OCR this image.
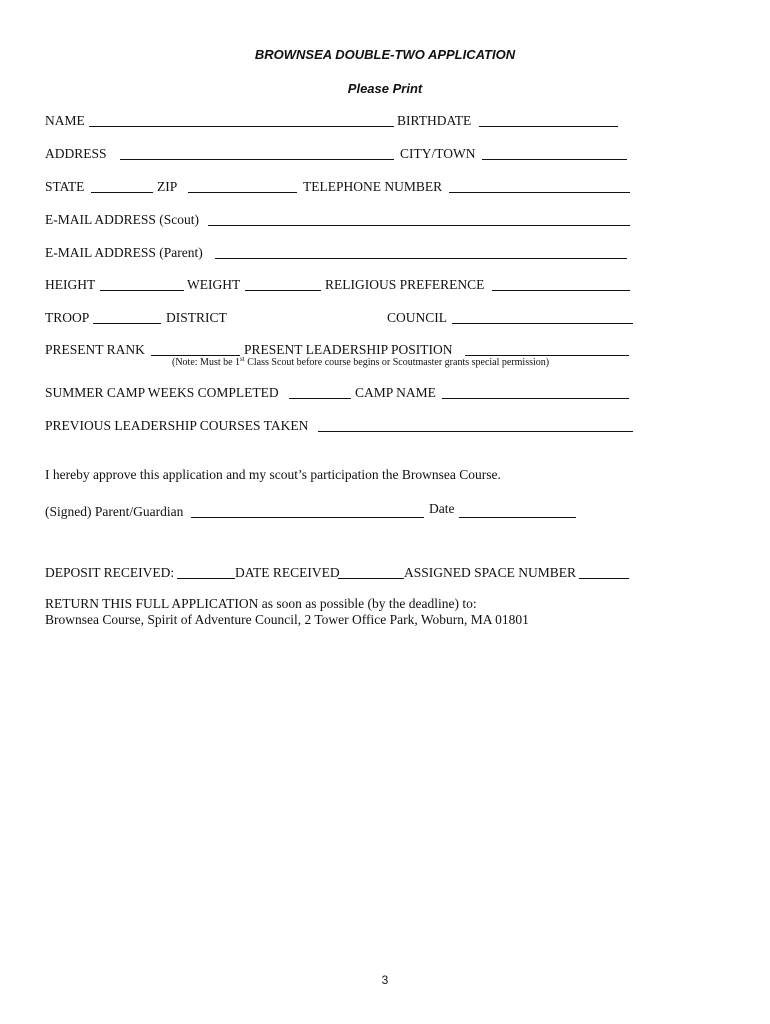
BROWNSEA DOUBLE-TWO APPLICATION
Please Print
NAME	BIRTHDATE
ADDRESS	CITY/TOWN
STATE	ZIP	TELEPHONE NUMBER
E-MAIL ADDRESS (Scout)
E-MAIL ADDRESS (Parent)
HEIGHT	WEIGHT	RELIGIOUS PREFERENCE
TROOP	DISTRICT	COUNCIL
PRESENT RANK	PRESENT LEADERSHIP POSITION
(Note: Must be 1st Class Scout before course begins or Scoutmaster grants special permission)
SUMMER CAMP WEEKS COMPLETED	CAMP NAME
PREVIOUS LEADERSHIP COURSES TAKEN
I hereby approve this application and my scout’s participation the Brownsea Course.
(Signed) Parent/Guardian	Date
DEPOSIT RECEIVED:	DATE RECEIVED	ASSIGNED SPACE NUMBER
RETURN THIS FULL APPLICATION as soon as possible (by the deadline) to:
Brownsea Course, Spirit of Adventure Council, 2 Tower Office Park, Woburn, MA 01801
3
